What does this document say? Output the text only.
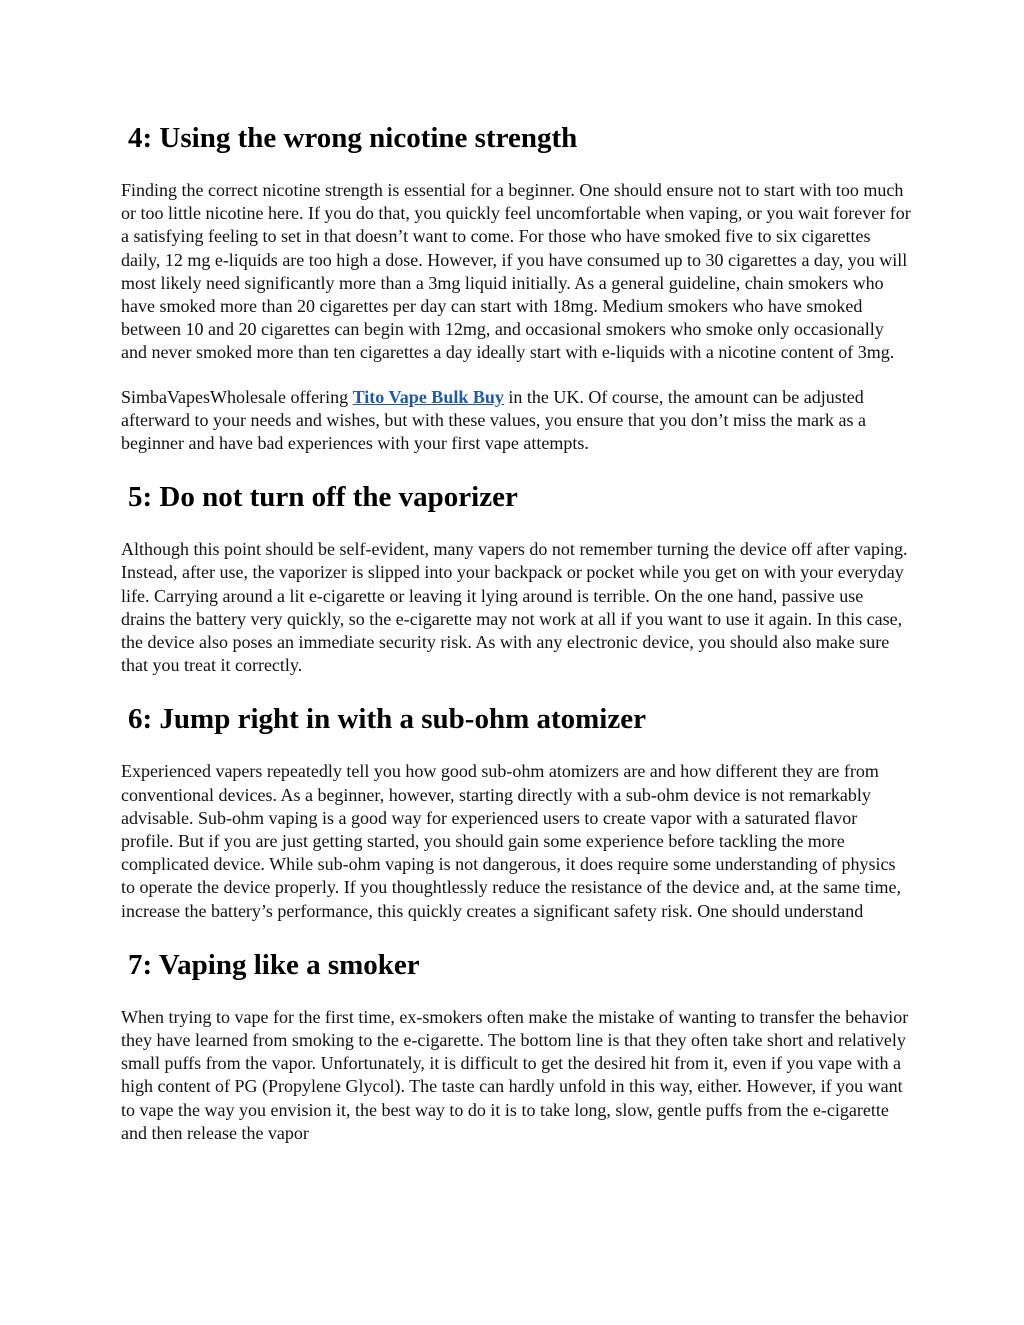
4: Using the wrong nicotine strength

Finding the correct nicotine strength is essential for a beginner. One should ensure not to start with too much or too little nicotine here. If you do that, you quickly feel uncomfortable when vaping, or you wait forever for a satisfying feeling to set in that doesn’t want to come. For those who have smoked five to six cigarettes daily, 12 mg e-liquids are too high a dose. However, if you have consumed up to 30 cigarettes a day, you will most likely need significantly more than a 3mg liquid initially. As a general guideline, chain smokers who have smoked more than 20 cigarettes per day can start with 18mg. Medium smokers who have smoked between 10 and 20 cigarettes can begin with 12mg, and occasional smokers who smoke only occasionally and never smoked more than ten cigarettes a day ideally start with e-liquids with a nicotine content of 3mg.

SimbaVapesWholesale offering Tito Vape Bulk Buy in the UK. Of course, the amount can be adjusted afterward to your needs and wishes, but with these values, you ensure that you don’t miss the mark as a beginner and have bad experiences with your first vape attempts.

5: Do not turn off the vaporizer

Although this point should be self-evident, many vapers do not remember turning the device off after vaping. Instead, after use, the vaporizer is slipped into your backpack or pocket while you get on with your everyday life. Carrying around a lit e-cigarette or leaving it lying around is terrible. On the one hand, passive use drains the battery very quickly, so the e-cigarette may not work at all if you want to use it again. In this case, the device also poses an immediate security risk. As with any electronic device, you should also make sure that you treat it correctly.

6: Jump right in with a sub-ohm atomizer

Experienced vapers repeatedly tell you how good sub-ohm atomizers are and how different they are from conventional devices. As a beginner, however, starting directly with a sub-ohm device is not remarkably advisable. Sub-ohm vaping is a good way for experienced users to create vapor with a saturated flavor profile. But if you are just getting started, you should gain some experience before tackling the more complicated device. While sub-ohm vaping is not dangerous, it does require some understanding of physics to operate the device properly. If you thoughtlessly reduce the resistance of the device and, at the same time, increase the battery’s performance, this quickly creates a significant safety risk. One should understand

7: Vaping like a smoker

When trying to vape for the first time, ex-smokers often make the mistake of wanting to transfer the behavior they have learned from smoking to the e-cigarette. The bottom line is that they often take short and relatively small puffs from the vapor. Unfortunately, it is difficult to get the desired hit from it, even if you vape with a high content of PG (Propylene Glycol). The taste can hardly unfold in this way, either. However, if you want to vape the way you envision it, the best way to do it is to take long, slow, gentle puffs from the e-cigarette and then release the vapor
